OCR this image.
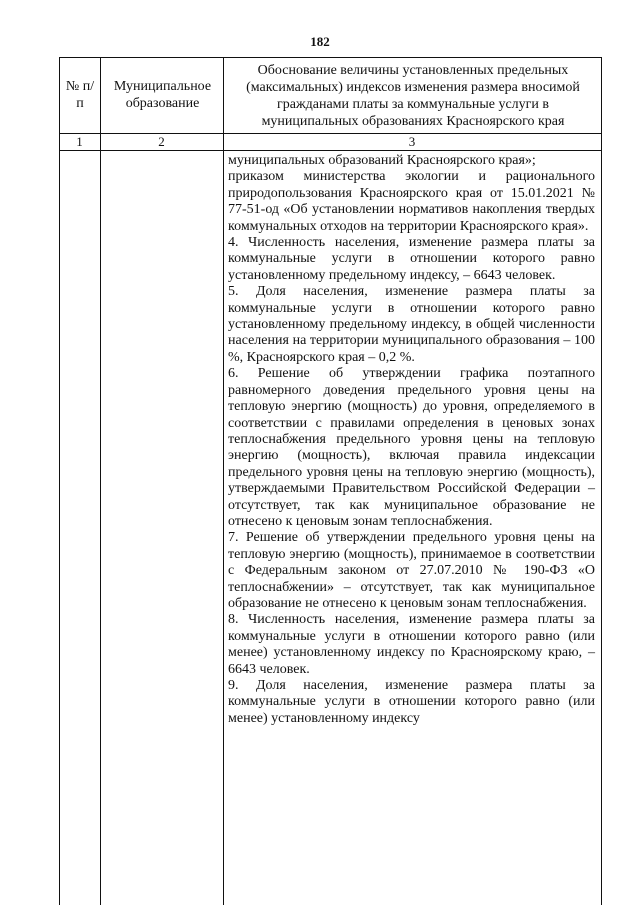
182
№ п/п
Муниципальное образование
Обоснование величины установленных предельных (максимальных) индексов изменения размера вносимой гражданами платы за коммунальные услуги в муниципальных образованиях Красноярского края
1	2	3

муниципальных образований Красноярского края»;

приказом министерства экологии и рационального природопользования Красноярского края от 15.01.2021 № 77-51-од «Об установлении нормативов накопления твердых коммунальных отходов на территории Красноярского края».

4. Численность населения, изменение размера платы за коммунальные услуги в отношении которого равно установленному предельному индексу, – 6643 человек.

5. Доля населения, изменение размера платы за коммунальные услуги в отношении которого равно установленному предельному индексу, в общей численности населения на территории муниципального образования – 100 %, Красноярского края – 0,2 %.

6. Решение об утверждении графика поэтапного равномерного доведения предельного уровня цены на тепловую энергию (мощность) до уровня, определяемого в соответствии с правилами определения в ценовых зонах теплоснабжения предельного уровня цены на тепловую энергию (мощность), включая правила индексации предельного уровня цены на тепловую энергию (мощность), утверждаемыми Правительством Российской Федерации – отсутствует, так как муниципальное образование не отнесено к ценовым зонам теплоснабжения.

7. Решение об утверждении предельного уровня цены на тепловую энергию (мощность), принимаемое в соответствии с Федеральным законом от 27.07.2010 № 190-ФЗ «О теплоснабжении» – отсутствует, так как муниципальное образование не отнесено к ценовым зонам теплоснабжения.

8. Численность населения, изменение размера платы за коммунальные услуги в отношении которого равно (или менее) установленному индексу по Красноярскому краю, – 6643 человек.

9. Доля населения, изменение размера платы за коммунальные услуги в отношении которого равно (или менее) установленному индексу
